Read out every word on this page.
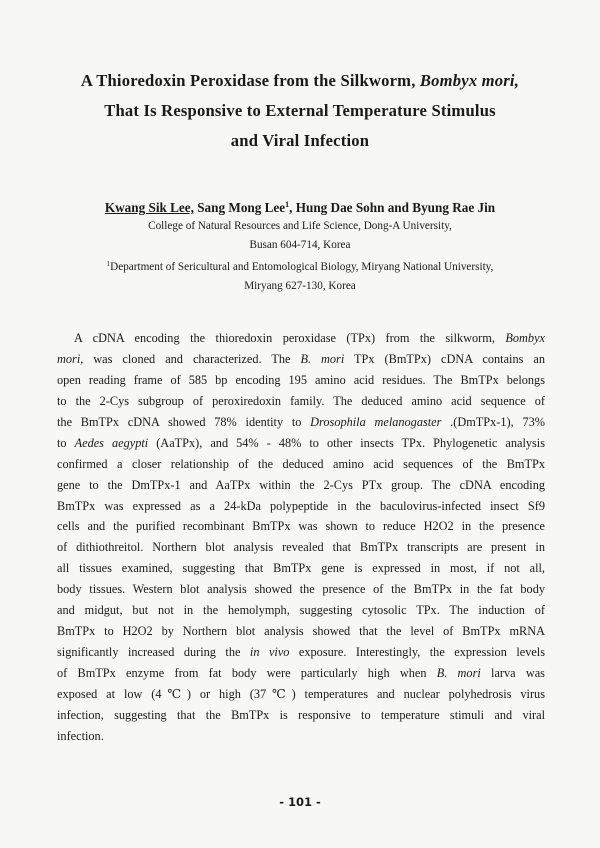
A Thioredoxin Peroxidase from the Silkworm, Bombyx mori,
That Is Responsive to External Temperature Stimulus
and Viral Infection
Kwang Sik Lee, Sang Mong Lee$^1$, Hung Dae Sohn and Byung Rae Jin
College of Natural Resources and Life Science, Dong-A University,
Busan 604-714, Korea
$^1$Department of Sericultural and Entomological Biology, Miryang National University,
Miryang 627-130, Korea
A cDNA encoding the thioredoxin peroxidase (TPx) from the silkworm, Bombyx
mori, was cloned and characterized. The B. mori TPx (BmTPx) cDNA contains an
open reading frame of 585 bp encoding 195 amino acid residues. The BmTPx belongs
to the 2-Cys subgroup of peroxiredoxin family. The deduced amino acid sequence of
the BmTPx cDNA showed 78% identity to Drosophila melanogaster .(DmTPx-1), 73%
to Aedes aegypti (AaTPx), and 54% - 48% to other insects TPx. Phylogenetic analysis
confirmed a closer relationship of the deduced amino acid sequences of the BmTPx
gene to the DmTPx-1 and AaTPx within the 2-Cys PTx group. The cDNA encoding
BmTPx was expressed as a 24-kDa polypeptide in the baculovirus-infected insect Sf9
cells and the purified recombinant BmTPx was shown to reduce H2O2 in the presence
of dithiothreitol. Northern blot analysis revealed that BmTPx transcripts are present in
all tissues examined, suggesting that BmTPx gene is expressed in most, if not all,
body tissues. Western blot analysis showed the presence of the BmTPx in the fat body
and midgut, but not in the hemolymph, suggesting cytosolic TPx. The induction of
BmTPx to H2O2 by Northern blot analysis showed that the level of BmTPx mRNA
significantly increased during the in vivo exposure. Interestingly, the expression levels
of BmTPx enzyme from fat body were particularly high when B. mori larva was
exposed at low (4℃) or high (37℃) temperatures and nuclear polyhedrosis virus
infection, suggesting that the BmTPx is responsive to temperature stimuli and viral
infection.
- 101 -
